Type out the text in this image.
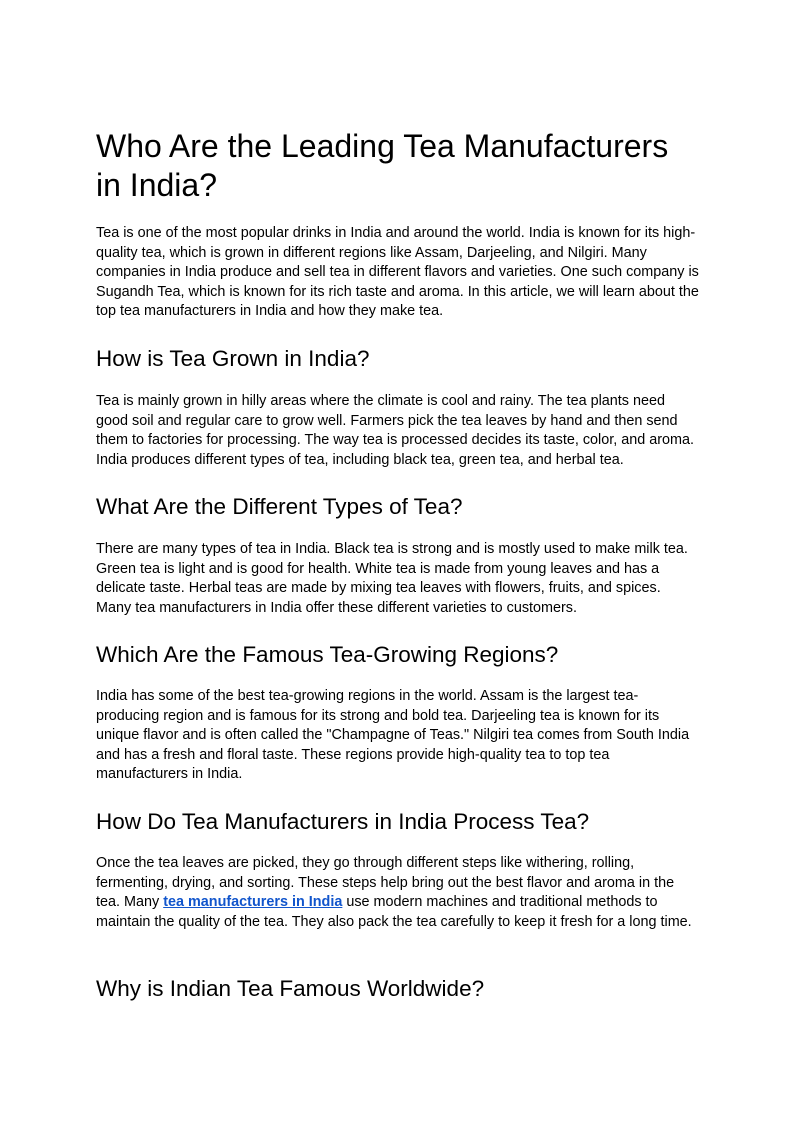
Who Are the Leading Tea Manufacturers in India?

Tea is one of the most popular drinks in India and around the world. India is known for its high-quality tea, which is grown in different regions like Assam, Darjeeling, and Nilgiri. Many companies in India produce and sell tea in different flavors and varieties. One such company is Sugandh Tea, which is known for its rich taste and aroma. In this article, we will learn about the top tea manufacturers in India and how they make tea.

How is Tea Grown in India?

Tea is mainly grown in hilly areas where the climate is cool and rainy. The tea plants need good soil and regular care to grow well. Farmers pick the tea leaves by hand and then send them to factories for processing. The way tea is processed decides its taste, color, and aroma. India produces different types of tea, including black tea, green tea, and herbal tea.

What Are the Different Types of Tea?

There are many types of tea in India. Black tea is strong and is mostly used to make milk tea. Green tea is light and is good for health. White tea is made from young leaves and has a delicate taste. Herbal teas are made by mixing tea leaves with flowers, fruits, and spices. Many tea manufacturers in India offer these different varieties to customers.

Which Are the Famous Tea-Growing Regions?

India has some of the best tea-growing regions in the world. Assam is the largest tea-producing region and is famous for its strong and bold tea. Darjeeling tea is known for its unique flavor and is often called the "Champagne of Teas." Nilgiri tea comes from South India and has a fresh and floral taste. These regions provide high-quality tea to top tea manufacturers in India.

How Do Tea Manufacturers in India Process Tea?

Once the tea leaves are picked, they go through different steps like withering, rolling, fermenting, drying, and sorting. These steps help bring out the best flavor and aroma in the tea. Many tea manufacturers in India use modern machines and traditional methods to maintain the quality of the tea. They also pack the tea carefully to keep it fresh for a long time.

Why is Indian Tea Famous Worldwide?
